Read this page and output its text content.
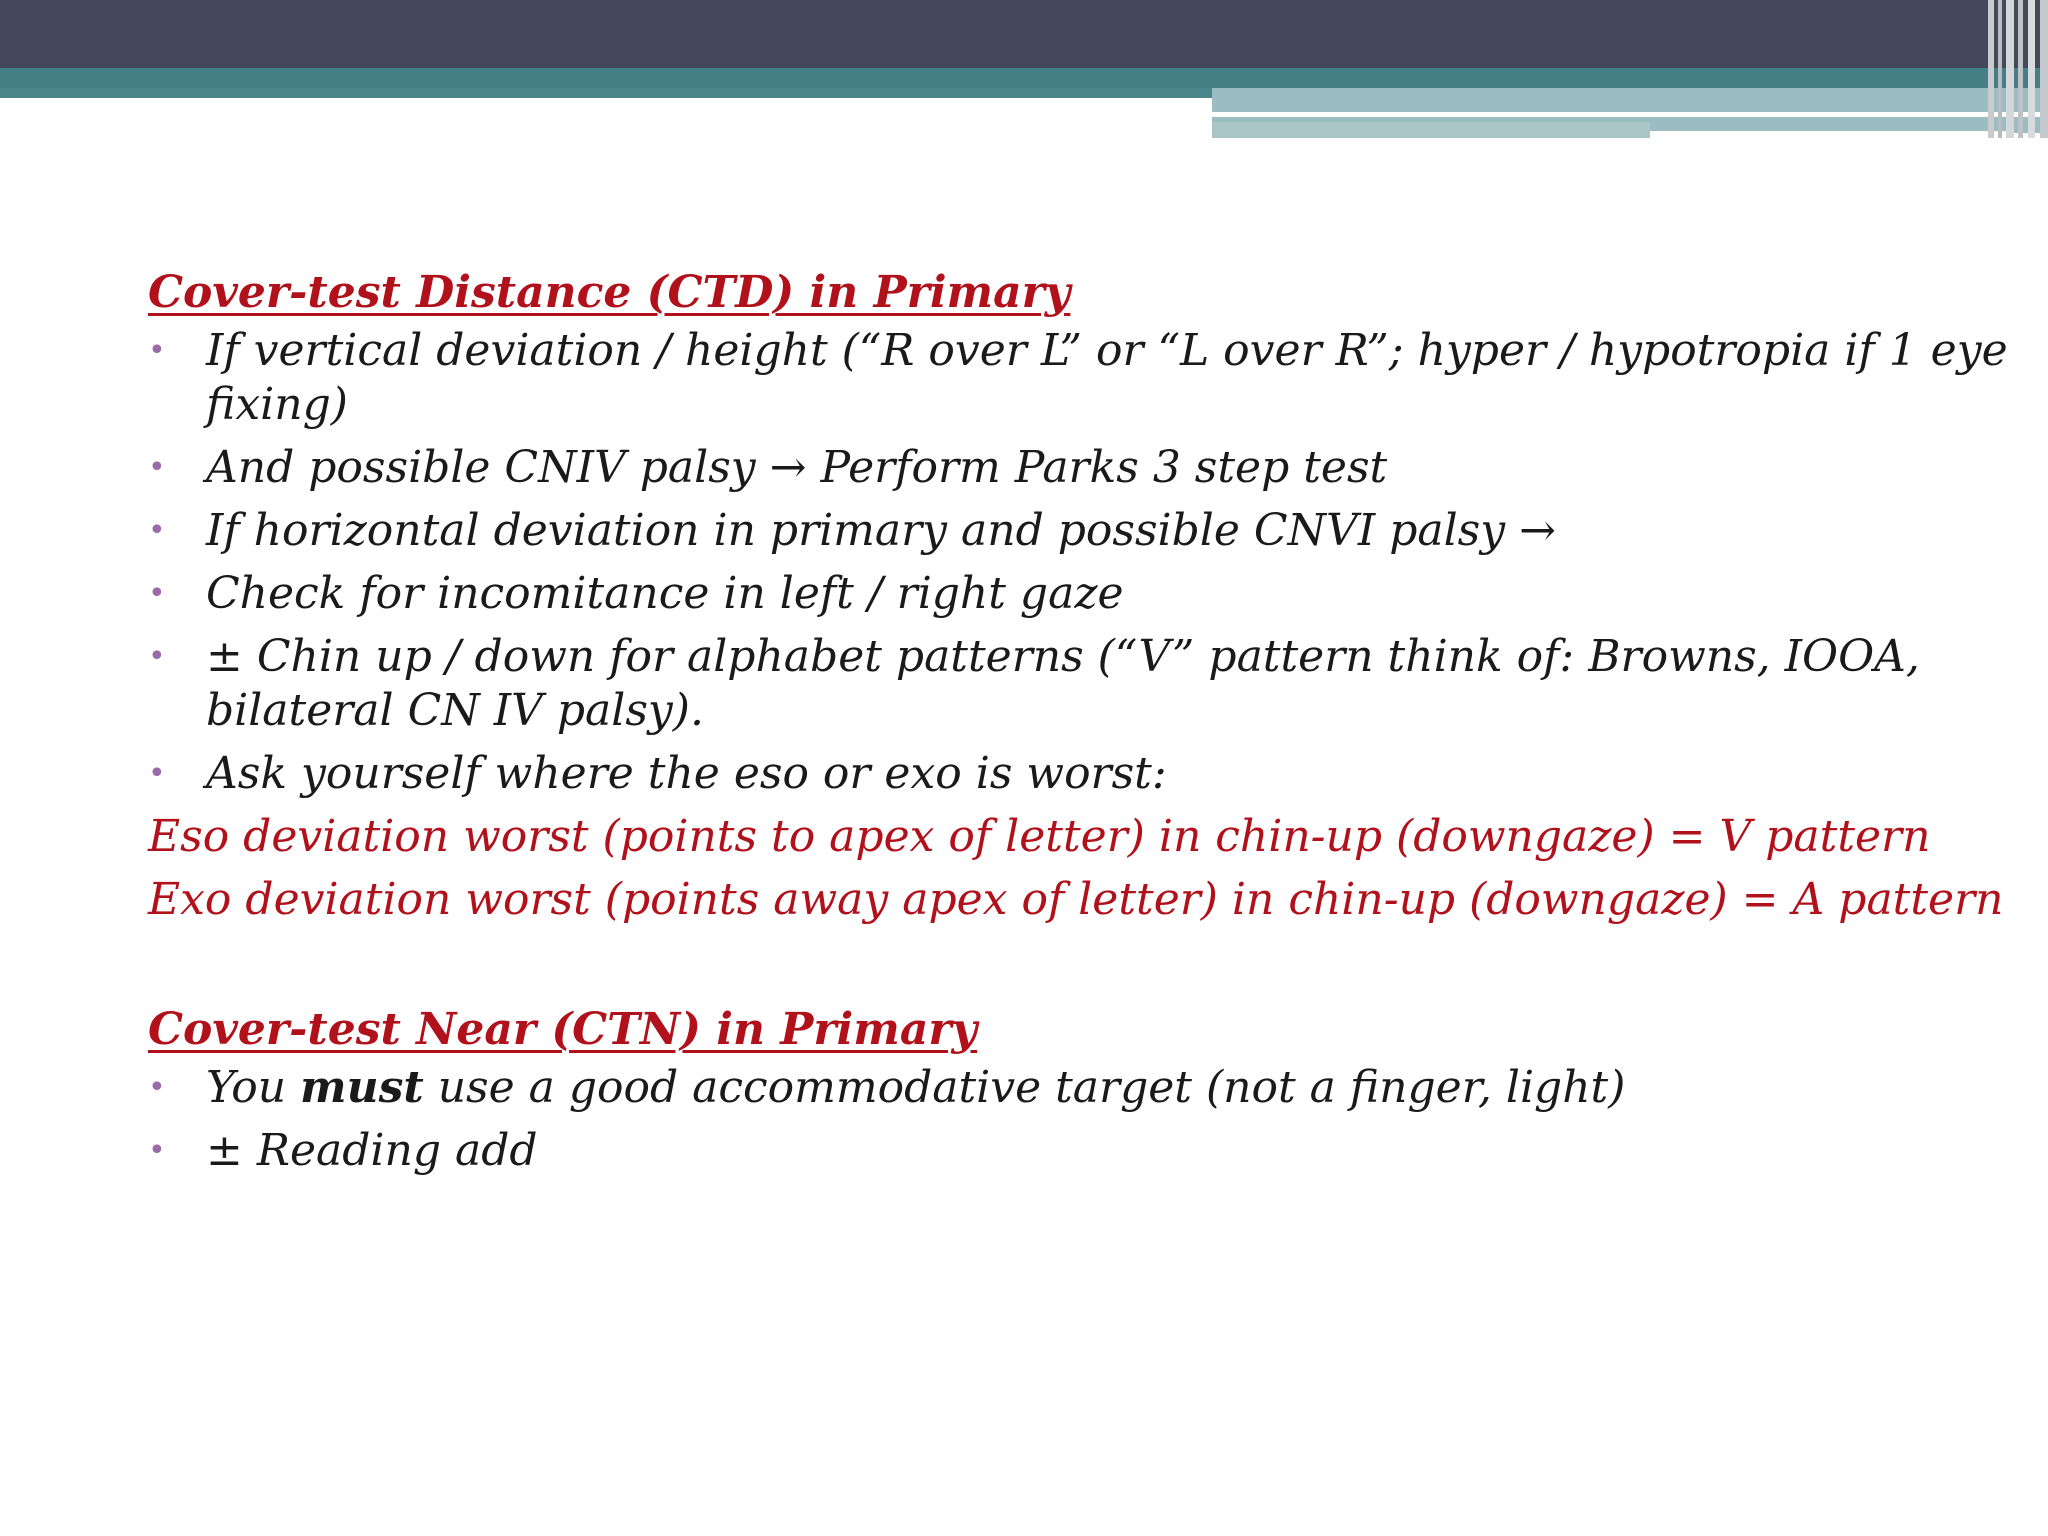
Cover-test Distance (CTD) in Primary
• If vertical deviation / height (“R over L” or “L over R”; hyper / hypotropia if 1 eye fixing)
• And possible CNIV palsy → Perform Parks 3 step test
• If horizontal deviation in primary and possible CNVI palsy →
• Check for incomitance in left / right gaze
• ± Chin up / down for alphabet patterns (“V” pattern think of: Browns, IOOA, bilateral CN IV palsy).
• Ask yourself where the eso or exo is worst:
Eso deviation worst (points to apex of letter) in chin-up (downgaze) = V pattern
Exo deviation worst (points away apex of letter) in chin-up (downgaze) = A pattern
Cover-test Near (CTN) in Primary
• You must use a good accommodative target (not a finger, light)
• ± Reading add
